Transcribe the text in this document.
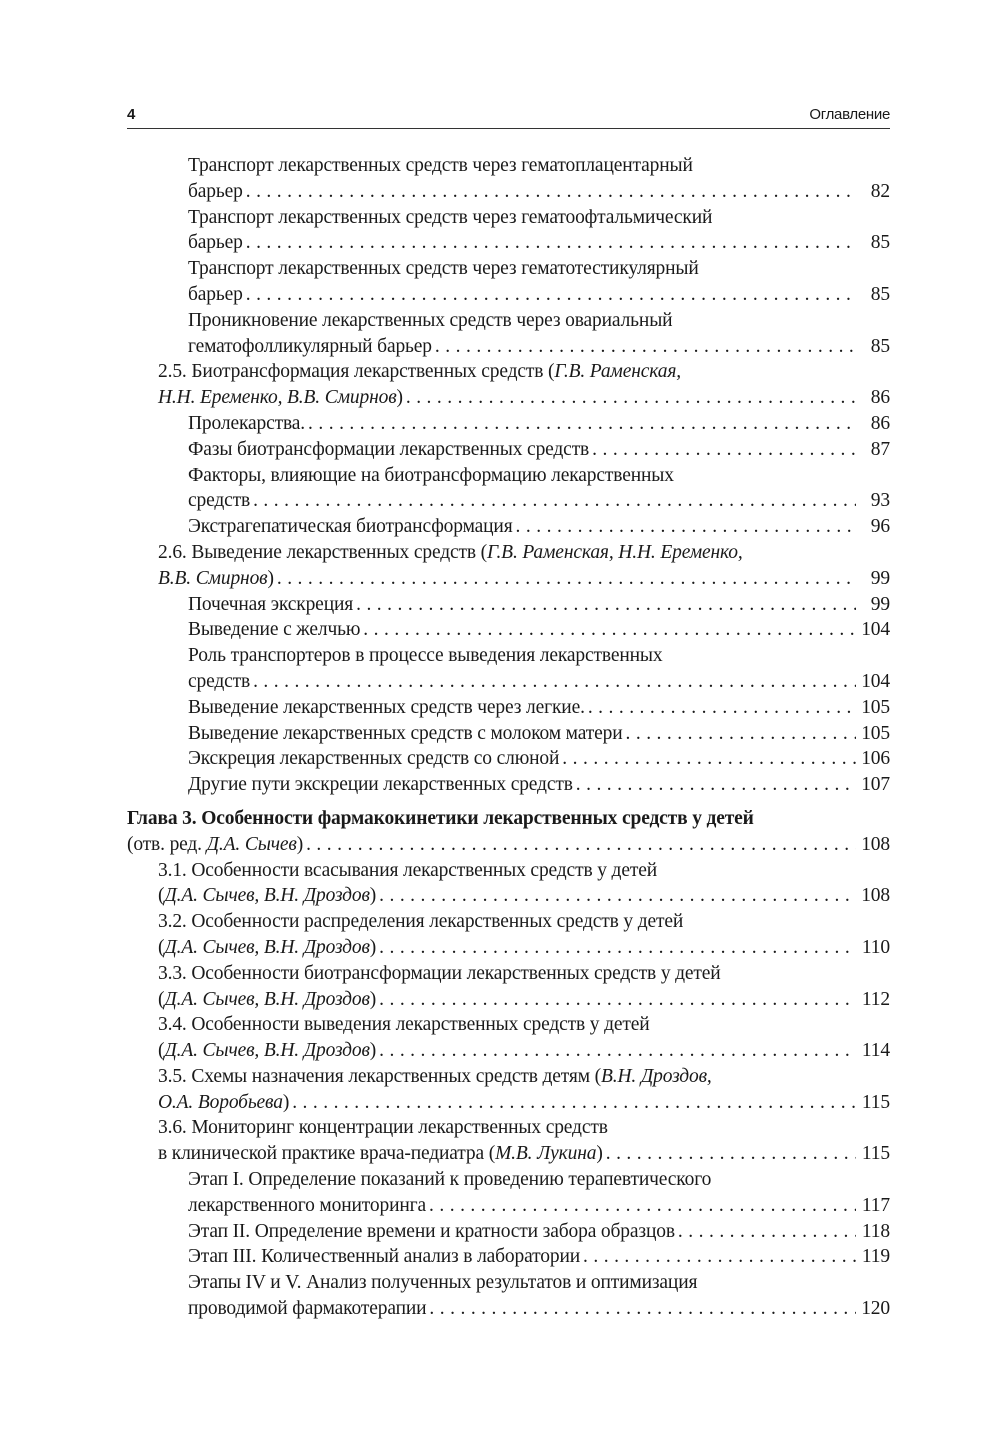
4	Оглавление
Транспорт лекарственных средств через гематоплацентарный
барьер . . .	82
Транспорт лекарственных средств через гематоофтальмический
барьер . . .	85
Транспорт лекарственных средств через гематотестикулярный
барьер . . .	85
Проникновение лекарственных средств через овариальный
гематофолликулярный барьер . . .	85
2.5. Биотрансформация лекарственных средств (Г.В. Раменская,
Н.Н. Еременко, В.В. Смирнов) . . .	86
Пролекарства. . . .	86
Фазы биотрансформации лекарственных средств . . .	87
Факторы, влияющие на биотрансформацию лекарственных
средств . . .	93
Экстрагепатическая биотрансформация . . .	96
2.6. Выведение лекарственных средств (Г.В. Раменская, Н.Н. Еременко,
В.В. Смирнов) . . .	99
Почечная экскреция . . .	99
Выведение с желчью . . .	104
Роль транспортеров в процессе выведения лекарственных
средств . . .	104
Выведение лекарственных средств через легкие. . . .	105
Выведение лекарственных средств с молоком матери . . .	105
Экскреция лекарственных средств со слюной . . .	106
Другие пути экскреции лекарственных средств . . .	107
Глава 3. Особенности фармакокинетики лекарственных средств у детей
(отв. ред. Д.А. Сычев) . . .	108
3.1. Особенности всасывания лекарственных средств у детей
(Д.А. Сычев, В.Н. Дроздов) . . .	108
3.2. Особенности распределения лекарственных средств у детей
(Д.А. Сычев, В.Н. Дроздов) . . .	110
3.3. Особенности биотрансформации лекарственных средств у детей
(Д.А. Сычев, В.Н. Дроздов) . . .	112
3.4. Особенности выведения лекарственных средств у детей
(Д.А. Сычев, В.Н. Дроздов) . . .	114
3.5. Схемы назначения лекарственных средств детям (В.Н. Дроздов,
О.А. Воробьева) . . .	115
3.6. Мониторинг концентрации лекарственных средств
в клинической практике врача-педиатра (М.В. Лукина) . . .	115
Этап I. Определение показаний к проведению терапевтического
лекарственного мониторинга . . .	117
Этап II. Определение времени и кратности забора образцов . . .	118
Этап III. Количественный анализ в лаборатории . . .	119
Этапы IV и V. Анализ полученных результатов и оптимизация
проводимой фармакотерапии . . .	120
